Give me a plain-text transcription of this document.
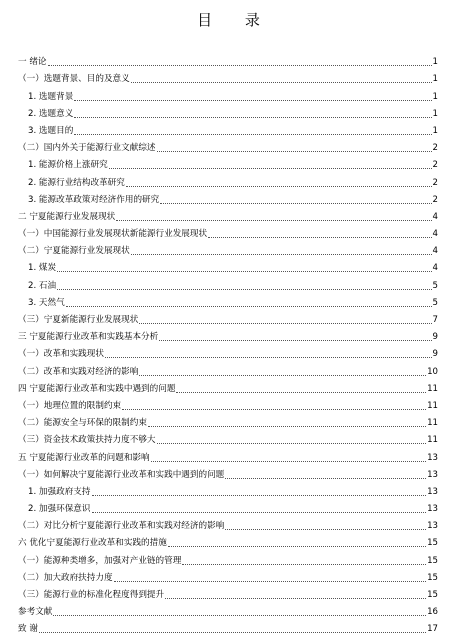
目 录
一 绪论	1
（一）选题背景、目的及意义	1
1. 选题背景	1
2. 选题意义	1
3. 选题目的	1
（二）国内外关于能源行业文献综述	2
1. 能源价格上涨研究	2
2. 能源行业结构改革研究	2
3. 能源改革政策对经济作用的研究	2
二 宁夏能源行业发展现状	4
（一）中国能源行业发展现状新能源行业发展现状	4
（二）宁夏能源行业发展现状	4
1. 煤炭	4
2. 石油	5
3. 天然气	5
（三）宁夏新能源行业发展现状	7
三 宁夏能源行业改革和实践基本分析	9
（一）改革和实践现状	9
（二）改革和实践对经济的影响	10
四 宁夏能源行业改革和实践中遇到的问题	11
（一）地理位置的限制约束	11
（二）能源安全与环保的限制约束	11
（三）资金技术政策扶持力度不够大	11
五 宁夏能源行业改革的问题和影响	13
（一）如何解决宁夏能源行业改革和实践中遇到的问题	13
1. 加强政府支持	13
2. 加强环保意识	13
（二）对比分析宁夏能源行业改革和实践对经济的影响	13
六 优化宁夏能源行业改革和实践的措施	15
（一）能源种类增多，加强对产业链的管理	15
（二）加大政府扶持力度	15
（三）能源行业的标准化程度得到提升	15
参考文献	16
致 谢	17
